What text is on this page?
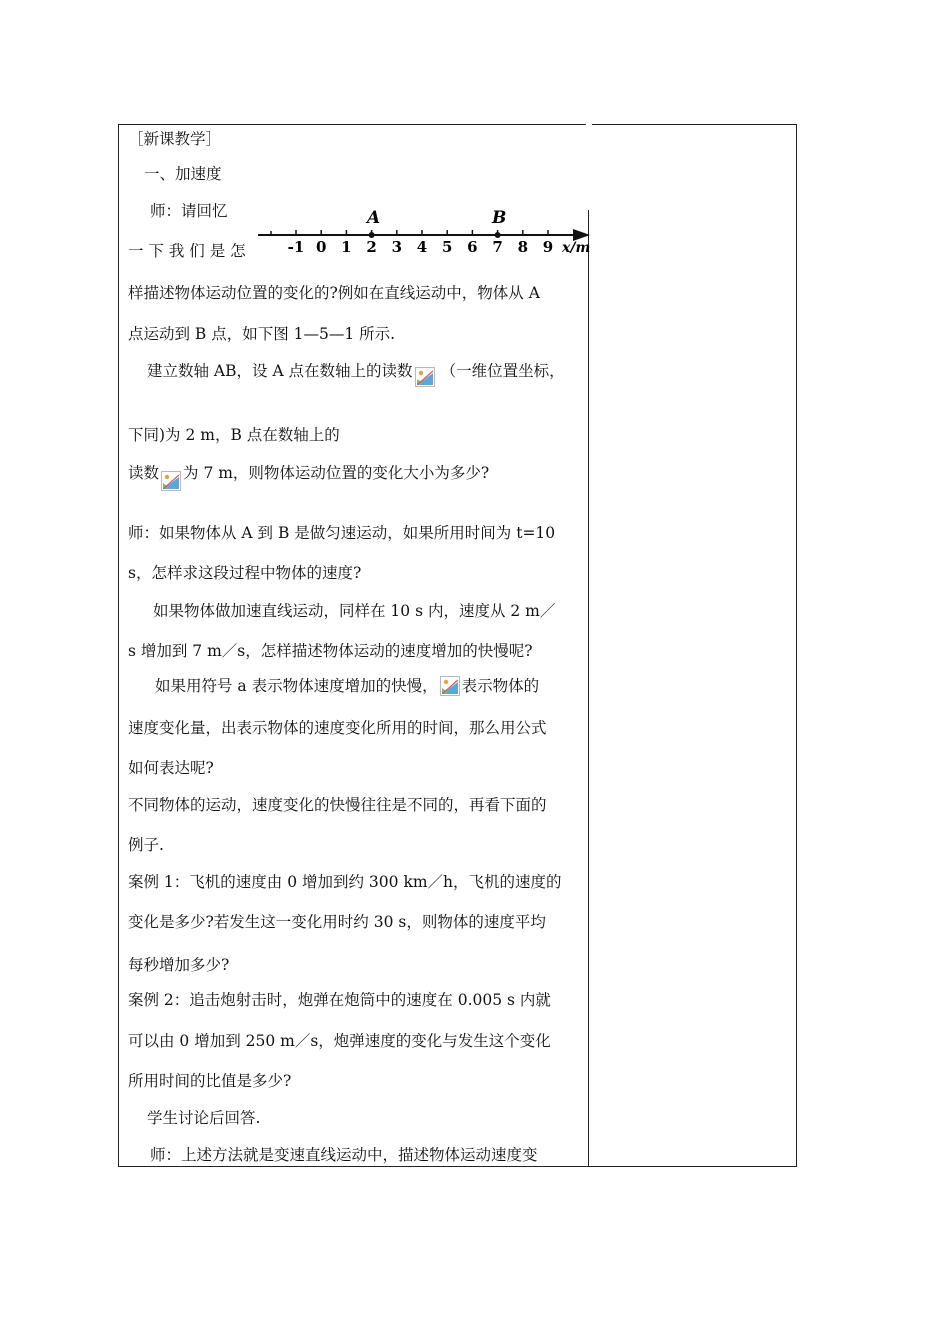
［新课教学］
一、加速度
师：请回忆
一 下 我 们 是 怎	-1 0 1 2 3 4 5 6 7 8 9
A	B
x/m
样描述物体运动位置的变化的?例如在直线运动中，物体从 A
点运动到 B 点，如下图 1—5—1 所示.
建立数轴 AB，设 A 点在数轴上的读数 （一维位置坐标，
下同)为 2 m，B 点在数轴上的
读数 为 7 m，则物体运动位置的变化大小为多少?
师：如果物体从 A 到 B 是做匀速运动，如果所用时间为 t=10
s，怎样求这段过程中物体的速度?
如果物体做加速直线运动，同样在 10 s 内，速度从 2 m／
s 增加到 7 m／s，怎样描述物体运动的速度增加的快慢呢?
如果用符号 a 表示物体速度增加的快慢， 表示物体的
速度变化量，出表示物体的速度变化所用的时间，那么用公式
如何表达呢?
不同物体的运动，速度变化的快慢往往是不同的，再看下面的
例子.
案例 1：飞机的速度由 0 增加到约 300 km／h，飞机的速度的
变化是多少?若发生这一变化用时约 30 s，则物体的速度平均
每秒增加多少?
案例 2：追击炮射击时，炮弹在炮筒中的速度在 0.005 s 内就
可以由 0 增加到 250 m／s，炮弹速度的变化与发生这个变化
所用时间的比值是多少?
学生讨论后回答.
师：上述方法就是变速直线运动中，描述物体运动速度变
